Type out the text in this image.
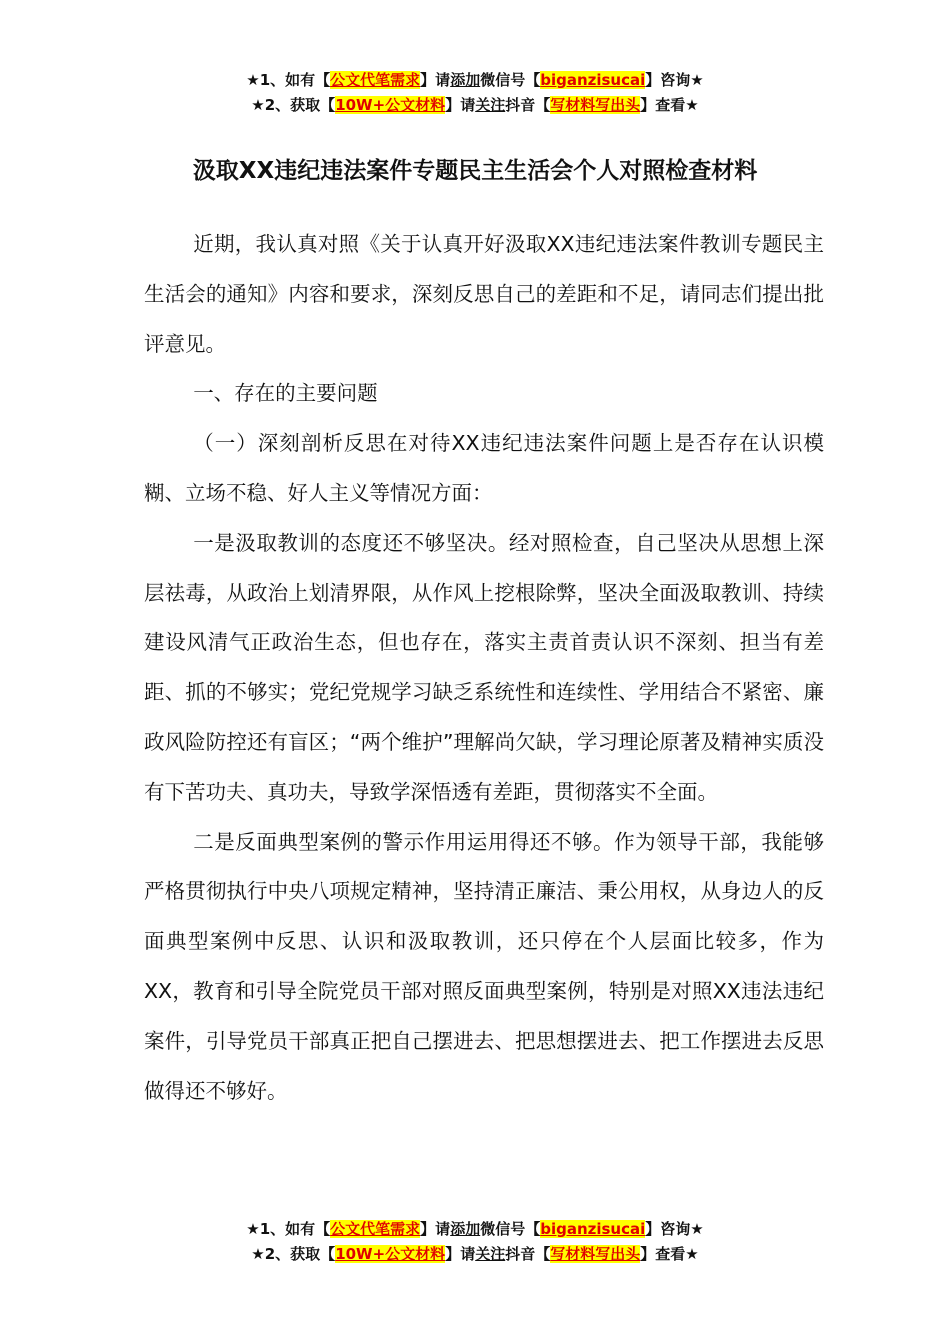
★1、如有【公文代笔需求】请添加微信号【biganzisucai】咨询★
★2、获取【10W+公文材料】请关注抖音【写材料写出头】查看★
汲取XX违纪违法案件专题民主生活会个人对照检查材料

近期，我认真对照《关于认真开好汲取XX违纪违法案件教训专题民主生活会的通知》内容和要求，深刻反思自己的差距和不足，请同志们提出批评意见。

一、存在的主要问题

（一）深刻剖析反思在对待XX违纪违法案件问题上是否存在认识模糊、立场不稳、好人主义等情况方面：

一是汲取教训的态度还不够坚决。经对照检查，自己坚决从思想上深层祛毒，从政治上划清界限，从作风上挖根除弊，坚决全面汲取教训、持续建设风清气正政治生态，但也存在，落实主责首责认识不深刻、担当有差距、抓的不够实；党纪党规学习缺乏系统性和连续性、学用结合不紧密、廉政风险防控还有盲区；“两个维护”理解尚欠缺，学习理论原著及精神实质没有下苦功夫、真功夫，导致学深悟透有差距，贯彻落实不全面。

二是反面典型案例的警示作用运用得还不够。作为领导干部，我能够严格贯彻执行中央八项规定精神，坚持清正廉洁、秉公用权，从身边人的反面典型案例中反思、认识和汲取教训，还只停在个人层面比较多，作为XX，教育和引导全院党员干部对照反面典型案例，特别是对照XX违法违纪案件，引导党员干部真正把自己摆进去、把思想摆进去、把工作摆进去反思做得还不够好。

★1、如有【公文代笔需求】请添加微信号【biganzisucai】咨询★
★2、获取【10W+公文材料】请关注抖音【写材料写出头】查看★
